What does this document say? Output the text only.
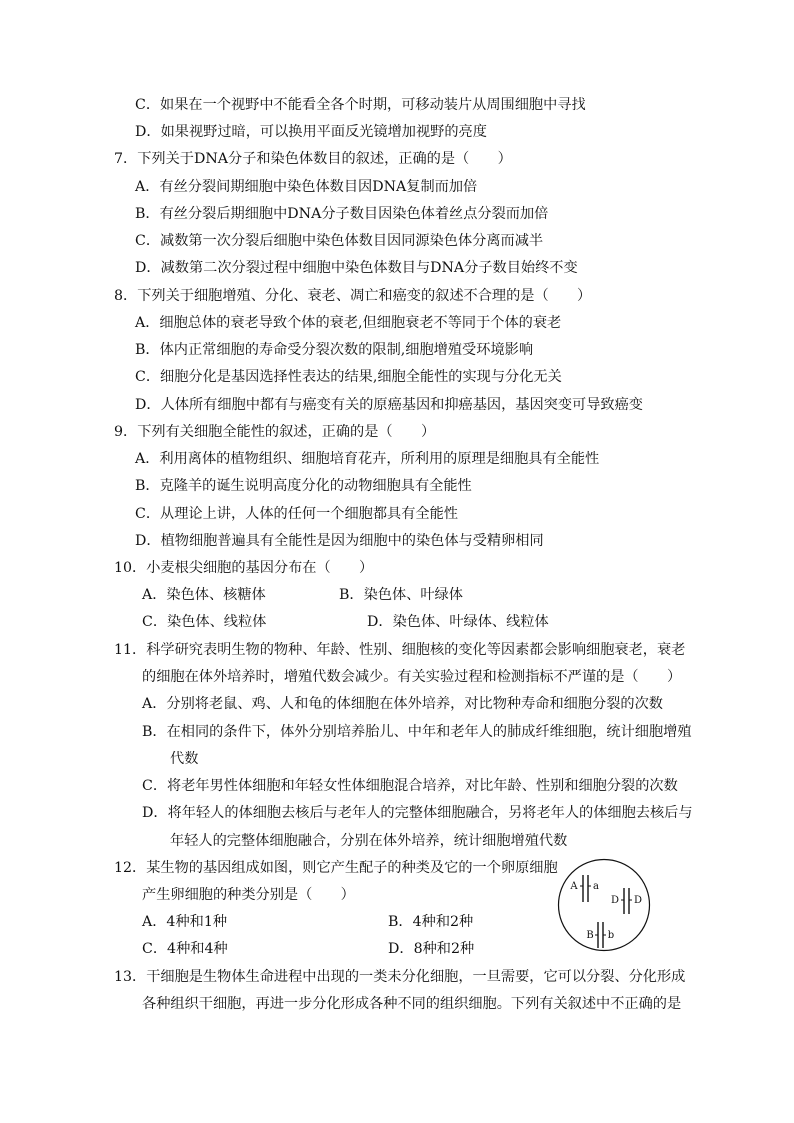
C．如果在一个视野中不能看全各个时期，可移动装片从周围细胞中寻找
D．如果视野过暗，可以换用平面反光镜增加视野的亮度
7．下列关于DNA分子和染色体数目的叙述，正确的是（　　）
A．有丝分裂间期细胞中染色体数目因DNA复制而加倍
B．有丝分裂后期细胞中DNA分子数目因染色体着丝点分裂而加倍
C．减数第一次分裂后细胞中染色体数目因同源染色体分离而减半
D．减数第二次分裂过程中细胞中染色体数目与DNA分子数目始终不变
8．下列关于细胞增殖、分化、衰老、凋亡和癌变的叙述不合理的是（　　）
A．细胞总体的衰老导致个体的衰老,但细胞衰老不等同于个体的衰老
B．体内正常细胞的寿命受分裂次数的限制,细胞增殖受环境影响
C．细胞分化是基因选择性表达的结果,细胞全能性的实现与分化无关
D．人体所有细胞中都有与癌变有关的原癌基因和抑癌基因，基因突变可导致癌变
9．下列有关细胞全能性的叙述，正确的是（　　）
A．利用离体的植物组织、细胞培育花卉，所利用的原理是细胞具有全能性
B．克隆羊的诞生说明高度分化的动物细胞具有全能性
C．从理论上讲，人体的任何一个细胞都具有全能性
D．植物细胞普遍具有全能性是因为细胞中的染色体与受精卵相同
10．小麦根尖细胞的基因分布在（　　）
A．染色体、核糖体	B．染色体、叶绿体
C．染色体、线粒体	D．染色体、叶绿体、线粒体
11．科学研究表明生物的物种、年龄、性别、细胞核的变化等因素都会影响细胞衰老，衰老
的细胞在体外培养时，增殖代数会减少。有关实验过程和检测指标不严谨的是（　　）
A．分别将老鼠、鸡、人和龟的体细胞在体外培养，对比物种寿命和细胞分裂的次数
B．在相同的条件下，体外分别培养胎儿、中年和老年人的肺成纤维细胞，统计细胞增殖
代数
C．将老年男性体细胞和年轻女性体细胞混合培养，对比年龄、性别和细胞分裂的次数
D．将年轻人的体细胞去核后与老年人的完整体细胞融合，另将老年人的体细胞去核后与
年轻人的完整体细胞融合，分别在体外培养，统计细胞增殖代数
12．某生物的基因组成如图，则它产生配子的种类及它的一个卵原细胞
产生卵细胞的种类分别是（　　）
A．4种和1种	B．4种和2种
C．4种和4种	D．8种和2种
A a
D D
B b
13．干细胞是生物体生命进程中出现的一类未分化细胞，一旦需要，它可以分裂、分化形成
各种组织干细胞，再进一步分化形成各种不同的组织细胞。下列有关叙述中不正确的是
